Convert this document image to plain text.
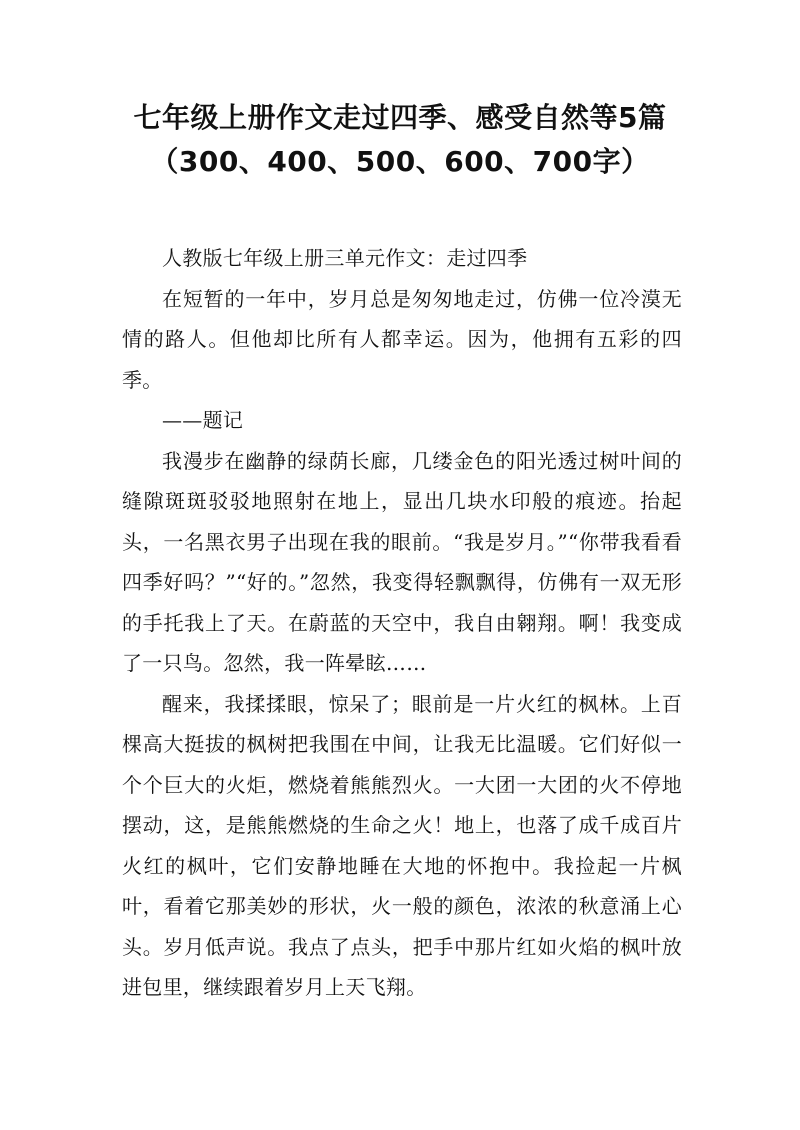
七年级上册作文走过四季、感受自然等5篇
（300、400、500、600、700字）

人教版七年级上册三单元作文：走过四季

在短暂的一年中，岁月总是匆匆地走过，仿佛一位冷漠无情的路人。但他却比所有人都幸运。因为，他拥有五彩的四季。

——题记

我漫步在幽静的绿荫长廊，几缕金色的阳光透过树叶间的缝隙斑斑驳驳地照射在地上，显出几块水印般的痕迹。抬起头，一名黑衣男子出现在我的眼前。“我是岁月。”“你带我看看四季好吗？”“好的。”忽然，我变得轻飘飘得，仿佛有一双无形的手托我上了天。在蔚蓝的天空中，我自由翱翔。啊！我变成了一只鸟。忽然，我一阵晕眩……

醒来，我揉揉眼，惊呆了；眼前是一片火红的枫林。上百棵高大挺拔的枫树把我围在中间，让我无比温暖。它们好似一个个巨大的火炬，燃烧着熊熊烈火。一大团一大团的火不停地摆动，这，是熊熊燃烧的生命之火！地上，也落了成千成百片火红的枫叶，它们安静地睡在大地的怀抱中。我捡起一片枫叶，看着它那美妙的形状，火一般的颜色，浓浓的秋意涌上心头。岁月低声说。我点了点头，把手中那片红如火焰的枫叶放进包里，继续跟着岁月上天飞翔。
